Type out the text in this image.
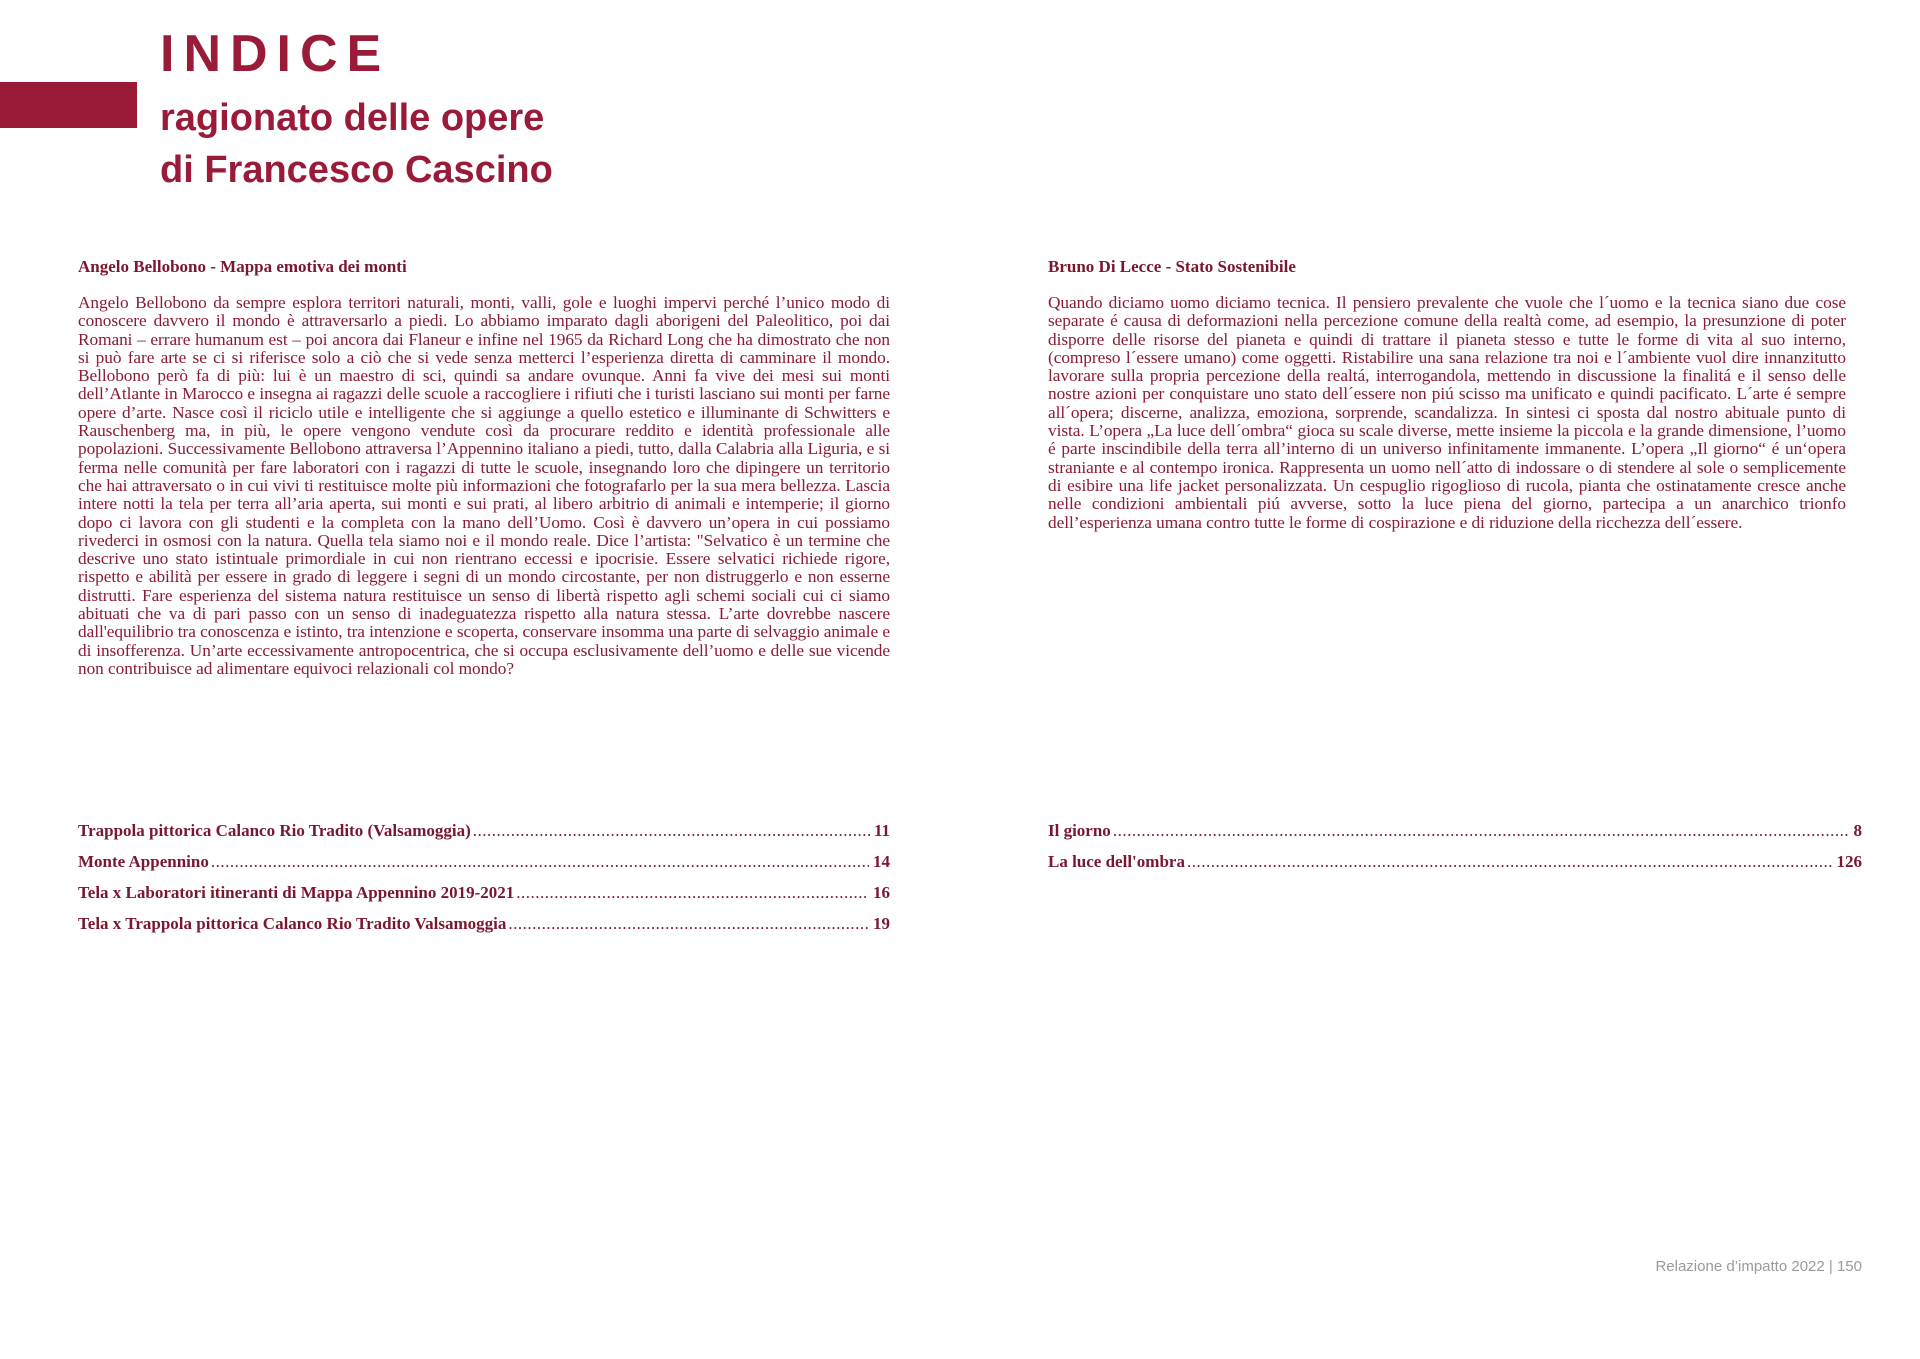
INDICE
ragionato delle opere
di Francesco Cascino
Angelo Bellobono - Mappa emotiva dei monti

Angelo Bellobono da sempre esplora territori naturali, monti, valli, gole e luoghi impervi perché l’unico modo di conoscere davvero il mondo è attraversarlo a piedi. Lo abbiamo imparato dagli aborigeni del Paleolitico, poi dai Romani – errare humanum est – poi ancora dai Flaneur e infine nel 1965 da Richard Long che ha dimostrato che non si può fare arte se ci si riferisce solo a ciò che si vede senza metterci l’esperienza diretta di camminare il mondo. Bellobono però fa di più: lui è un maestro di sci, quindi sa andare ovunque. Anni fa vive dei mesi sui monti dell’Atlante in Marocco e insegna ai ragazzi delle scuole a raccogliere i rifiuti che i turisti lasciano sui monti per farne opere d’arte. Nasce così il riciclo utile e intelligente che si aggiunge a quello estetico e illuminante di Schwitters e Rauschenberg ma, in più, le opere vengono vendute così da procurare reddito e identità professionale alle popolazioni. Successivamente Bellobono attraversa l’Appennino italiano a piedi, tutto, dalla Calabria alla Liguria, e si ferma nelle comunità per fare laboratori con i ragazzi di tutte le scuole, insegnando loro che dipingere un territorio che hai attraversato o in cui vivi ti restituisce molte più informazioni che fotografarlo per la sua mera bellezza. Lascia intere notti la tela per terra all’aria aperta, sui monti e sui prati, al libero arbitrio di animali e intemperie; il giorno dopo ci lavora con gli studenti e la completa con la mano dell’Uomo. Così è davvero un’opera in cui possiamo rivederci in osmosi con la natura. Quella tela siamo noi e il mondo reale. Dice l’artista: "Selvatico è un termine che descrive uno stato istintuale primordiale in cui non rientrano eccessi e ipocrisie. Essere selvatici richiede rigore, rispetto e abilità per essere in grado di leggere i segni di un mondo circostante, per non distruggerlo e non esserne distrutti. Fare esperienza del sistema natura restituisce un senso di libertà rispetto agli schemi sociali cui ci siamo abituati che va di pari passo con un senso di inadeguatezza rispetto alla natura stessa. L’arte dovrebbe nascere dall'equilibrio tra conoscenza e istinto, tra intenzione e scoperta, conservare insomma una parte di selvaggio animale e di insofferenza. Un’arte eccessivamente antropocentrica, che si occupa esclusivamente dell’uomo e delle sue vicende non contribuisce ad alimentare equivoci relazionali col mondo?

Bruno Di Lecce - Stato Sostenibile

Quando diciamo uomo diciamo tecnica. Il pensiero prevalente che vuole che l´uomo e la tecnica siano due cose separate é causa di deformazioni nella percezione comune della realtà come, ad esempio, la presunzione di poter disporre delle risorse del pianeta e quindi di trattare il pianeta stesso e tutte le forme di vita al suo interno, (compreso l´essere umano) come oggetti. Ristabilire una sana relazione tra noi e l´ambiente vuol dire innanzitutto lavorare sulla propria percezione della realtá, interrogandola, mettendo in discussione la finalitá e il senso delle nostre azioni per conquistare uno stato dell´essere non piú scisso ma unificato e quindi pacificato. L´arte é sempre all´opera; discerne, analizza, emoziona, sorprende, scandalizza. In sintesi ci sposta dal nostro abituale punto di vista. L’opera „La luce dell´ombra“ gioca su scale diverse, mette insieme la piccola e la grande dimensione, l’uomo é parte inscindibile della terra all’interno di un universo infinitamente immanente. L’opera „Il giorno“ é un‘opera straniante e al contempo ironica. Rappresenta un uomo nell´atto di indossare o di stendere al sole o semplicemente di esibire una life jacket personalizzata. Un cespuglio rigoglioso di rucola, pianta che ostinatamente cresce anche nelle condizioni ambientali piú avverse, sotto la luce piena del giorno, partecipa a un anarchico trionfo dell’esperienza umana contro tutte le forme di cospirazione e di riduzione della ricchezza dell´essere.

Trappola pittorica Calanco Rio Tradito (Valsamoggia) .....	11
Monte Appennino .....	14
Tela x Laboratori itineranti di Mappa Appennino 2019-2021 .....	16
Tela x Trappola pittorica Calanco Rio Tradito Valsamoggia .....	19
Il giorno .....	8
La luce dell'ombra .....	126
Relazione d’impatto 2022 | 150
